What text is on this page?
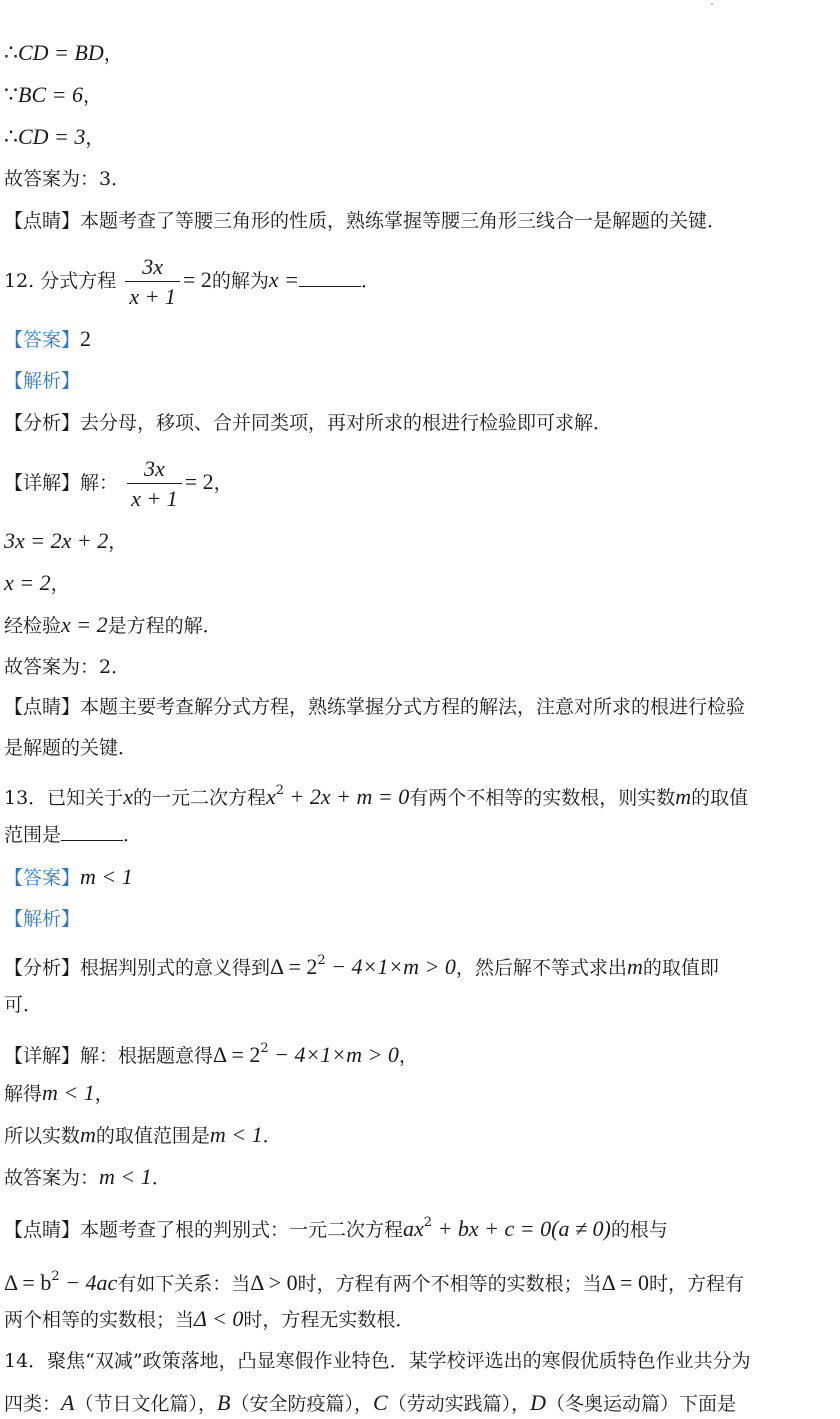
∴CD = BD，
∵BC = 6，
∴CD = 3，
故答案为：3．
【点睛】本题考查了等腰三角形的性质，熟练掌握等腰三角形三线合一是解题的关键．
12. 分式方程 $\frac{3x}{x + 1} = 2$的解为x =	．
【答案】2
【解析】
【分析】去分母，移项、合并同类项，再对所求的根进行检验即可求解．
【详解】解： $\frac{3x}{x + 1} = 2$，
3x = 2x + 2，
x = 2，
经检验x = 2是方程的解．
故答案为：2．
【点睛】本题主要考查解分式方程，熟练掌握分式方程的解法，注意对所求的根进行检验
是解题的关键．
13．已知关于x的一元二次方程$x^2 + 2x + m = 0$有两个不相等的实数根，则实数m的取值
范围是	．
【答案】m < 1
【解析】
【分析】根据判别式的意义得到$\Delta = 2^2 - 4\times 1\times m > 0$，然后解不等式求出m的取值即
可．
【详解】解：根据题意得$\Delta = 2^2 - 4\times 1\times m > 0$，
解得m < 1，
所以实数m的取值范围是m < 1．
故答案为：m < 1．
【点睛】本题考查了根的判别式：一元二次方程$ax^2$ + bx + c = 0(a ≠ 0)的根与
$\Delta = b^2 - 4ac$有如下关系：当Δ > 0时，方程有两个不相等的实数根；当Δ = 0时，方程有
两个相等的实数根；当Δ < 0时，方程无实数根．
14．聚焦“双减”政策落地，凸显寒假作业特色．某学校评选出的寒假优质特色作业共分为
四类：A（节日文化篇），B（安全防疫篇），C（劳动实践篇），D（冬奥运动篇）下面是
